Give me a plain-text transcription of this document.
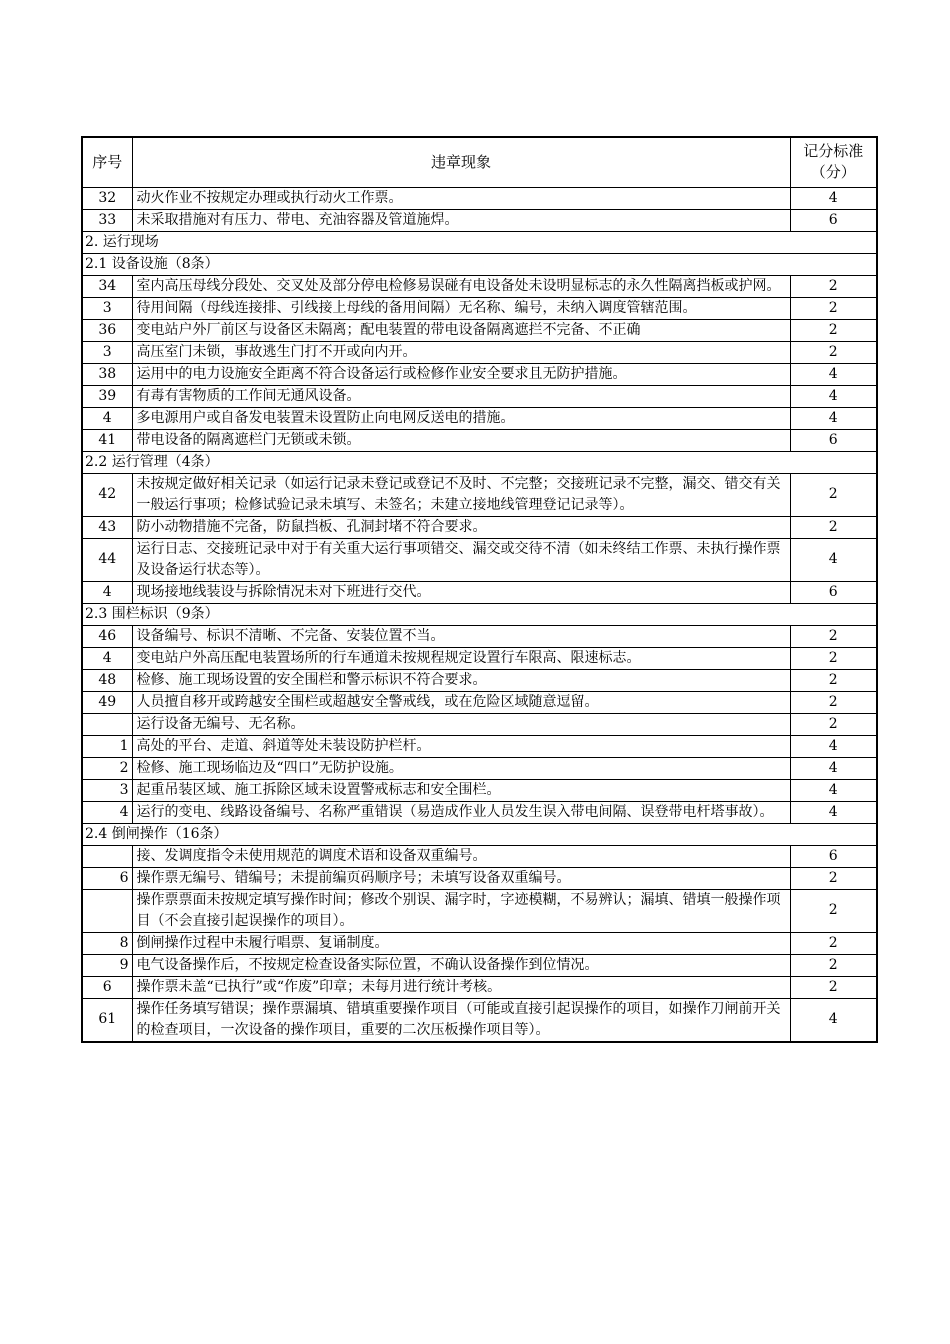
序号	违章现象	记分标准（分）
32	动火作业不按规定办理或执行动火工作票。	4
33	未采取措施对有压力、带电、充油容器及管道施焊。	6
2. 运行现场		
2.1 设备设施（8条）		
34	室内高压母线分段处、交叉处及部分停电检修易误碰有电设备处未设明显标志的永久性隔离挡板或护网。	2
3	待用间隔（母线连接排、引线接上母线的备用间隔）无名称、编号，未纳入调度管辖范围。	2
36	变电站户外厂前区与设备区未隔离；配电装置的带电设备隔离遮拦不完备、不正确	2
3	高压室门未锁，事故逃生门打不开或向内开。	2
38	运用中的电力设施安全距离不符合设备运行或检修作业安全要求且无防护措施。	4
39	有毒有害物质的工作间无通风设备。	4
4	多电源用户或自备发电装置未设置防止向电网反送电的措施。	4
41	带电设备的隔离遮栏门无锁或未锁。	6
2.2 运行管理（4条）		
42	未按规定做好相关记录（如运行记录未登记或登记不及时、不完整；交接班记录不完整，漏交、错交有关一般运行事项；检修试验记录未填写、未签名；未建立接地线管理登记记录等）。	2
43	防小动物措施不完备，防鼠挡板、孔洞封堵不符合要求。	2
44	运行日志、交接班记录中对于有关重大运行事项错交、漏交或交待不清（如未终结工作票、未执行操作票及设备运行状态等）。	4
4	现场接地线装设与拆除情况未对下班进行交代。	6
2.3 围栏标识（9条）		
46	设备编号、标识不清晰、不完备、安装位置不当。	2
4	变电站户外高压配电装置场所的行车通道未按规程规定设置行车限高、限速标志。	2
48	检修、施工现场设置的安全围栏和警示标识不符合要求。	2
49	人员擅自移开或跨越安全围栏或超越安全警戒线，或在危险区域随意逗留。	2
	运行设备无编号、无名称。	2
1	高处的平台、走道、斜道等处未装设防护栏杆。	4
2	检修、施工现场临边及“四口”无防护设施。	4
3	起重吊装区域、施工拆除区域未设置警戒标志和安全围栏。	4
4	运行的变电、线路设备编号、名称严重错误（易造成作业人员发生误入带电间隔、误登带电杆塔事故）。	4
2.4 倒闸操作（16条）		
	接、发调度指令未使用规范的调度术语和设备双重编号。	6
6	操作票无编号、错编号；未提前编页码顺序号；未填写设备双重编号。	2
	操作票票面未按规定填写操作时间；修改个别误、漏字时，字迹模糊，不易辨认；漏填、错填一般操作项目（不会直接引起误操作的项目）。	2
8	倒闸操作过程中未履行唱票、复诵制度。	2
9	电气设备操作后，不按规定检查设备实际位置，不确认设备操作到位情况。	2
6	操作票未盖“已执行”或“作废”印章；未每月进行统计考核。	2
61	操作任务填写错误；操作票漏填、错填重要操作项目（可能或直接引起误操作的项目，如操作刀闸前开关的检查项目，一次设备的操作项目，重要的二次压板操作项目等）。	4
